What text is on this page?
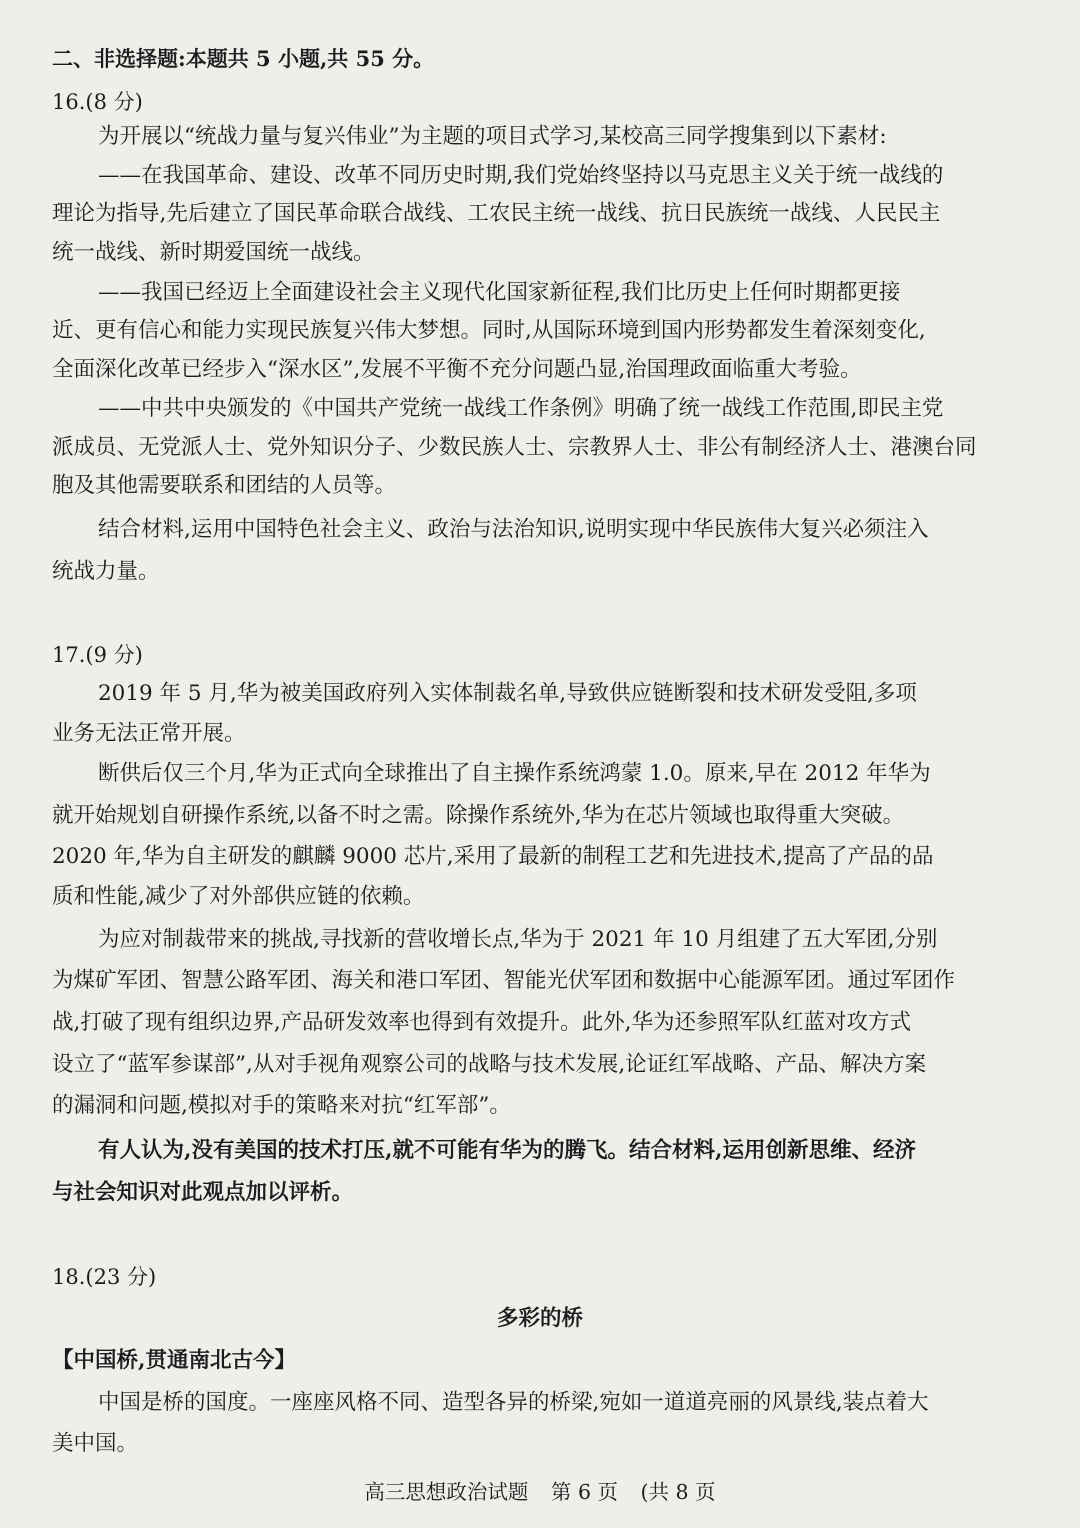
二、非选择题:本题共 5 小题,共 55 分。
16.(8 分)
为开展以“统战力量与复兴伟业”为主题的项目式学习,某校高三同学搜集到以下素材:
——在我国革命、建设、改革不同历史时期,我们党始终坚持以马克思主义关于统一战线的
理论为指导,先后建立了国民革命联合战线、工农民主统一战线、抗日民族统一战线、人民民主
统一战线、新时期爱国统一战线。
——我国已经迈上全面建设社会主义现代化国家新征程,我们比历史上任何时期都更接
近、更有信心和能力实现民族复兴伟大梦想。同时,从国际环境到国内形势都发生着深刻变化,
全面深化改革已经步入“深水区”,发展不平衡不充分问题凸显,治国理政面临重大考验。
——中共中央颁发的《中国共产党统一战线工作条例》明确了统一战线工作范围,即民主党
派成员、无党派人士、党外知识分子、少数民族人士、宗教界人士、非公有制经济人士、港澳台同
胞及其他需要联系和团结的人员等。
结合材料,运用中国特色社会主义、政治与法治知识,说明实现中华民族伟大复兴必须注入
统战力量。
17.(9 分)
2019 年 5 月,华为被美国政府列入实体制裁名单,导致供应链断裂和技术研发受阻,多项
业务无法正常开展。
断供后仅三个月,华为正式向全球推出了自主操作系统鸿蒙 1.0。原来,早在 2012 年华为
就开始规划自研操作系统,以备不时之需。除操作系统外,华为在芯片领域也取得重大突破。
2020 年,华为自主研发的麒麟 9000 芯片,采用了最新的制程工艺和先进技术,提高了产品的品
质和性能,减少了对外部供应链的依赖。
为应对制裁带来的挑战,寻找新的营收增长点,华为于 2021 年 10 月组建了五大军团,分别
为煤矿军团、智慧公路军团、海关和港口军团、智能光伏军团和数据中心能源军团。通过军团作
战,打破了现有组织边界,产品研发效率也得到有效提升。此外,华为还参照军队红蓝对攻方式
设立了“蓝军参谋部”,从对手视角观察公司的战略与技术发展,论证红军战略、产品、解决方案
的漏洞和问题,模拟对手的策略来对抗“红军部”。
有人认为,没有美国的技术打压,就不可能有华为的腾飞。结合材料,运用创新思维、经济
与社会知识对此观点加以评析。
18.(23 分)
多彩的桥
【中国桥,贯通南北古今】
中国是桥的国度。一座座风格不同、造型各异的桥梁,宛如一道道亮丽的风景线,装点着大
美中国。
高三思想政治试题 第 6 页 (共 8 页
